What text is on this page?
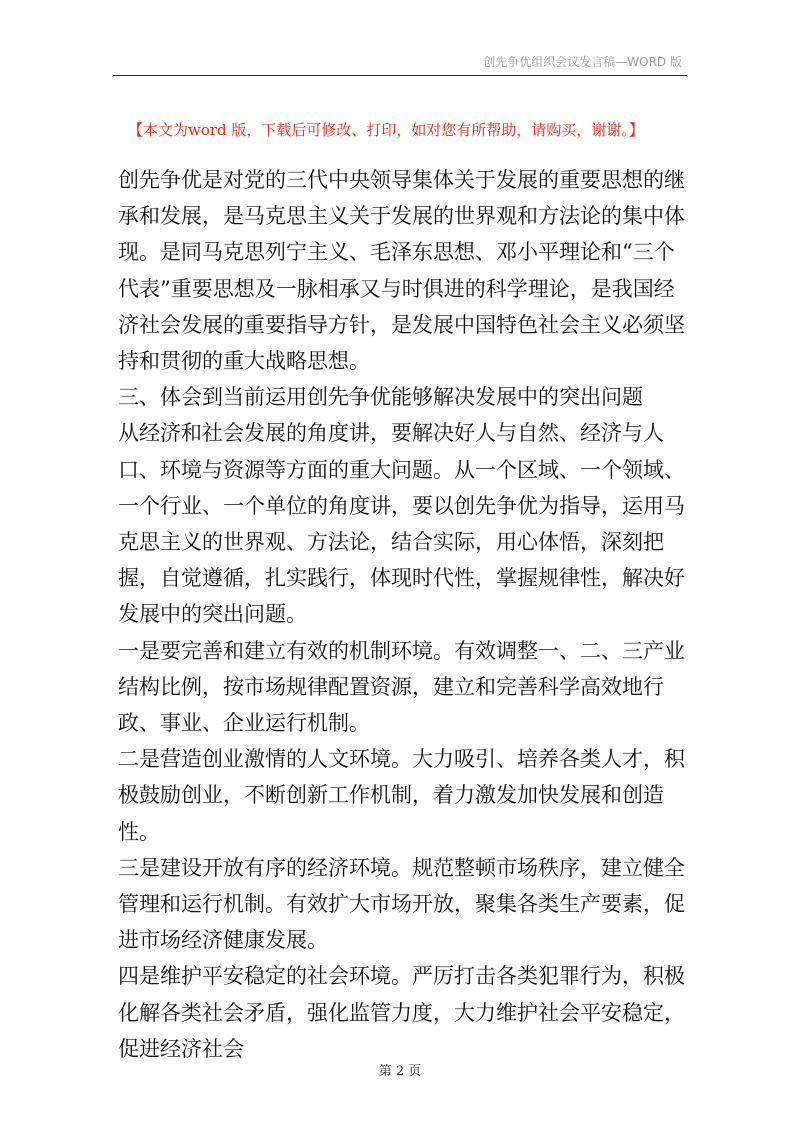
创先争优组织会议发言稿—WORD 版
【本文为word 版，下载后可修改、打印，如对您有所帮助，请购买，谢谢。】

创先争优是对党的三代中央领导集体关于发展的重要思想的继承和发展，是马克思主义关于发展的世界观和方法论的集中体现。是同马克思列宁主义、毛泽东思想、邓小平理论和“三个代表”重要思想及一脉相承又与时俱进的科学理论，是我国经济社会发展的重要指导方针，是发展中国特色社会主义必须坚持和贯彻的重大战略思想。

三、体会到当前运用创先争优能够解决发展中的突出问题

从经济和社会发展的角度讲，要解决好人与自然、经济与人口、环境与资源等方面的重大问题。从一个区域、一个领域、一个行业、一个单位的角度讲，要以创先争优为指导，运用马克思主义的世界观、方法论，结合实际，用心体悟，深刻把握，自觉遵循，扎实践行，体现时代性，掌握规律性，解决好发展中的突出问题。

一是要完善和建立有效的机制环境。有效调整一、二、三产业结构比例，按市场规律配置资源，建立和完善科学高效地行政、事业、企业运行机制。

二是营造创业激情的人文环境。大力吸引、培养各类人才，积极鼓励创业，不断创新工作机制，着力激发加快发展和创造性。

三是建设开放有序的经济环境。规范整顿市场秩序，建立健全管理和运行机制。有效扩大市场开放，聚集各类生产要素，促进市场经济健康发展。

四是维护平安稳定的社会环境。严厉打击各类犯罪行为，积极化解各类社会矛盾，强化监管力度，大力维护社会平安稳定，促进经济社会

第 2 页
